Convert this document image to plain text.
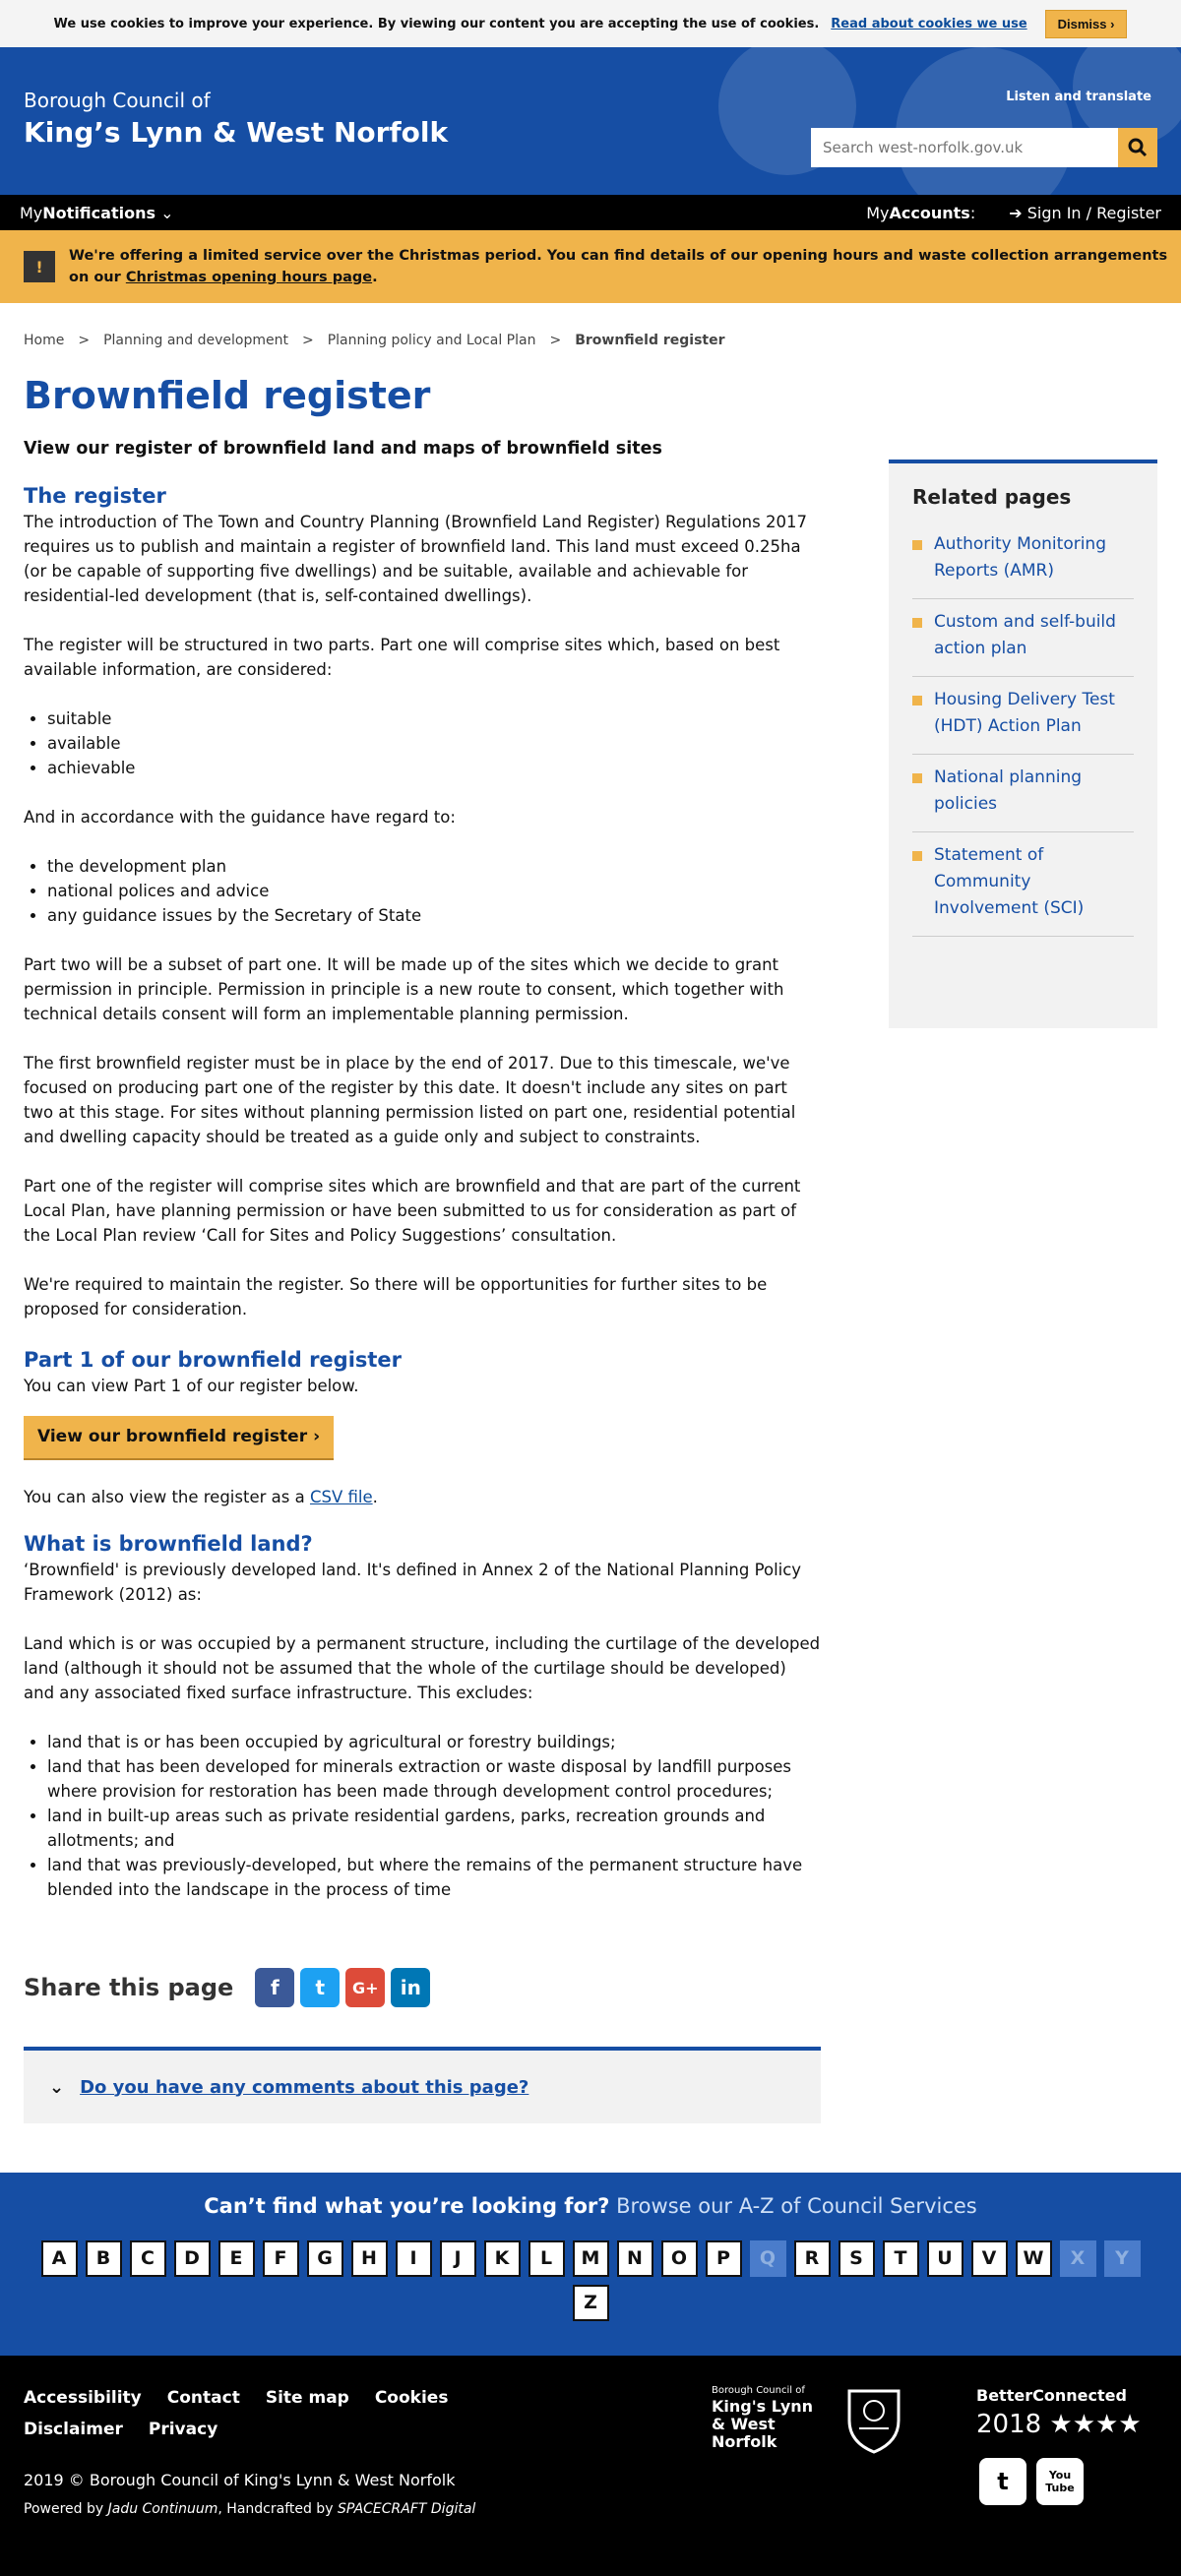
We use cookies to improve your experience. By viewing our content you are accepting the use of cookies. Read about cookies we use	Dismiss ›
Borough Council of
King’s Lynn & West Norfolk
Listen and translate
Search west-norfolk.gov.uk
MyNotifications ⌄	MyAccounts: ➔ Sign In / Register
!

We're offering a limited service over the Christmas period. You can find details of our opening hours and waste collection arrangements on our Christmas opening hours page.

Home > Planning and development > Planning policy and Local Plan > Brownfield register
Brownfield register
View our register of brownfield land and maps of brownfield sites
The register

The introduction of The Town and Country Planning (Brownfield Land Register) Regulations 2017 requires us to publish and maintain a register of brownfield land. This land must exceed 0.25ha (or be capable of supporting five dwellings) and be suitable, available and achievable for residential-led development (that is, self-contained dwellings).

The register will be structured in two parts. Part one will comprise sites which, based on best available information, are considered:

• suitable
• available
• achievable

And in accordance with the guidance have regard to:

• the development plan
• national polices and advice
• any guidance issues by the Secretary of State

Part two will be a subset of part one. It will be made up of the sites which we decide to grant permission in principle. Permission in principle is a new route to consent, which together with technical details consent will form an implementable planning permission.

The first brownfield register must be in place by the end of 2017. Due to this timescale, we've focused on producing part one of the register by this date. It doesn't include any sites on part two at this stage. For sites without planning permission listed on part one, residential potential and dwelling capacity should be treated as a guide only and subject to constraints.

Part one of the register will comprise sites which are brownfield and that are part of the current Local Plan, have planning permission or have been submitted to us for consideration as part of the Local Plan review ‘Call for Sites and Policy Suggestions’ consultation.

We're required to maintain the register. So there will be opportunities for further sites to be proposed for consideration.

Part 1 of our brownfield register

You can view Part 1 of our register below.

View our brownfield register ›

You can also view the register as a CSV file.

What is brownfield land?

‘Brownfield' is previously developed land. It's defined in Annex 2 of the National Planning Policy Framework (2012) as:

Land which is or was occupied by a permanent structure, including the curtilage of the developed land (although it should not be assumed that the whole of the curtilage should be developed) and any associated fixed surface infrastructure. This excludes:

• land that is or has been occupied by agricultural or forestry buildings;
• land that has been developed for minerals extraction or waste disposal by landfill purposes where provision for restoration has been made through development control procedures;
• land in built-up areas such as private residential gardens, parks, recreation grounds and allotments; and
• land that was previously-developed, but where the remains of the permanent structure have blended into the landscape in the process of time
Related pages
Authority Monitoring Reports (AMR)
Custom and self-build action plan
Housing Delivery Test (HDT) Action Plan
National planning policies
Statement of Community Involvement (SCI)
Share this page	f	t	G+	in
⌄ Do you have any comments about this page?
Can’t find what you’re looking for? Browse our A-Z of Council Services
A	B	C	D	E	F	G	H	I	J	K	L	M	N	O	P	Q	R	S	T	U	V	W	X	Y
Z
Accessibility Contact Site map Cookies
Disclaimer Privacy
2019 © Borough Council of King's Lynn & West Norfolk
Powered by Jadu Continuum, Handcrafted by SPACECRAFT Digital
Borough Council of
King's Lynn & West Norfolk
BetterConnected
2018 ★★★★
t	You Tube
